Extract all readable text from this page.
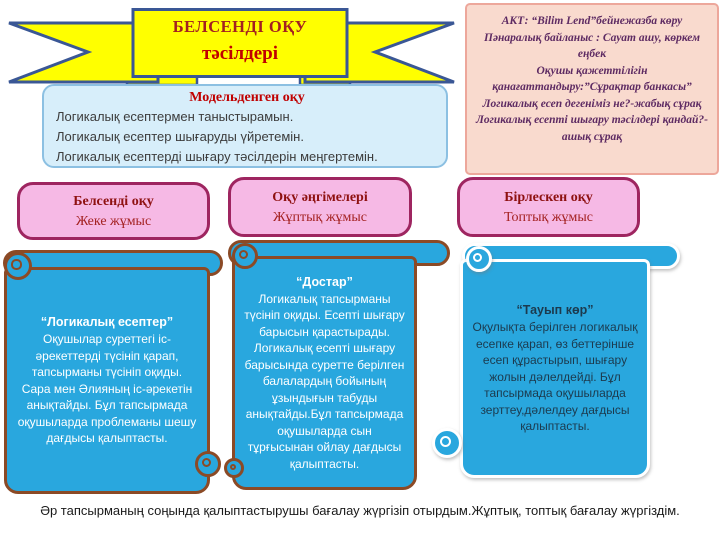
БЕЛСЕНДІ ОҚУ
тәсілдері
АКТ: “Bilim Lend”бейнежазба көру
Пәнаралық байланыс : Сауат ашу, көркем еңбек
Оқушы қажеттілігін қанағаттандыру:”Сұрақтар банкасы”
Логикалық есеп дегеніміз не?-жабық сұрақ
Логикалық есепті шығару тәсілдері қандай?-ашық сұрақ
Модельденген оқу
Логикалық есептермен таныстырамын.
Логикалық есептер шығаруды үйретемін.
Логикалық есептерді шығару тәсілдерін меңгертемін.
Белсенді оқу
Жеке жұмыс
Оқу әңгімелері
Жұптық жұмыс
Бірлескен оқу
Топтық жұмыс
“Логикалық есептер”
Оқушылар суреттегі іс-әрекеттерді түсініп қарап, тапсырманы түсініп оқиды. Сара мен Әлияның іс-әрекетін анықтайды. Бұл тапсырмада оқушыларда проблеманы шешу дағдысы қалыптасты.
“Достар”
Логикалық тапсырманы түсініп оқиды. Есепті шығару барысын қарастырады. Логикалық есепті шығару барысында суретте берілген балалардың бойының ұзындығын табуды анықтайды.Бұл тапсырмада оқушыларда сын тұрғысынан ойлау дағдысы қалыптасты.
“Тауып көр”
Оқулықта берілген логикалық есепке қарап, өз беттерінше есеп құрастырып, шығару жолын дәлелдейді. Бұл тапсырмада оқушыларда зерттеу,дәлелдеу дағдысы қалыптасты.
Әр тапсырманың соңында қалыптастырушы бағалау жүргізіп отырдым.Жұптық, топтық бағалау жүргіздім.
